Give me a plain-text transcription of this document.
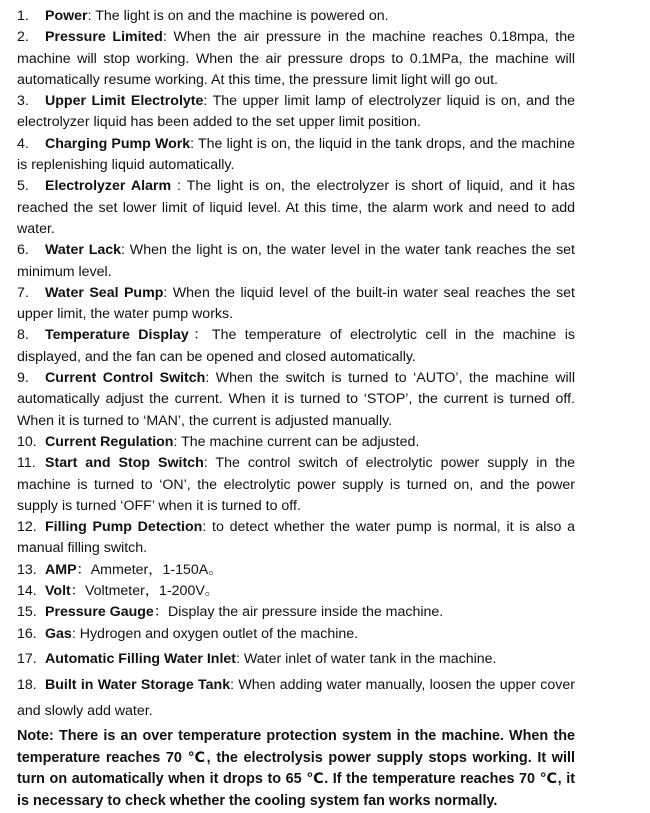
1. Power: The light is on and the machine is powered on.

2. Pressure Limited: When the air pressure in the machine reaches 0.18mpa, the machine will stop working. When the air pressure drops to 0.1MPa, the machine will automatically resume working. At this time, the pressure limit light will go out.

3. Upper Limit Electrolyte: The upper limit lamp of electrolyzer liquid is on, and the electrolyzer liquid has been added to the set upper limit position.

4. Charging Pump Work: The light is on, the liquid in the tank drops, and the machine is replenishing liquid automatically.

5. Electrolyzer Alarm : The light is on, the electrolyzer is short of liquid, and it has reached the set lower limit of liquid level. At this time, the alarm work and need to add water.

6. Water Lack: When the light is on, the water level in the water tank reaches the set minimum level.

7. Water Seal Pump: When the liquid level of the built-in water seal reaches the set upper limit, the water pump works.

8. Temperature Display：The temperature of electrolytic cell in the machine is displayed, and the fan can be opened and closed automatically.

9. Current Control Switch: When the switch is turned to ‘AUTO’, the machine will automatically adjust the current. When it is turned to ‘STOP’, the current is turned off. When it is turned to ‘MAN’, the current is adjusted manually.

10. Current Regulation: The machine current can be adjusted.

11. Start and Stop Switch: The control switch of electrolytic power supply in the machine is turned to ‘ON’, the electrolytic power supply is turned on, and the power supply is turned ‘OFF’ when it is turned to off.

12. Filling Pump Detection: to detect whether the water pump is normal, it is also a manual filling switch.

13. AMP：Ammeter，1-150A。

14. Volt：Voltmeter，1-200V。

15. Pressure Gauge：Display the air pressure inside the machine.

16. Gas: Hydrogen and oxygen outlet of the machine.

17. Automatic Filling Water Inlet: Water inlet of water tank in the machine.

18. Built in Water Storage Tank: When adding water manually, loosen the upper cover and slowly add water.

Note: There is an over temperature protection system in the machine. When the temperature reaches 70 ℃, the electrolysis power supply stops working. It will turn on automatically when it drops to 65 ℃. If the temperature reaches 70 ℃, it is necessary to check whether the cooling system fan works normally.
